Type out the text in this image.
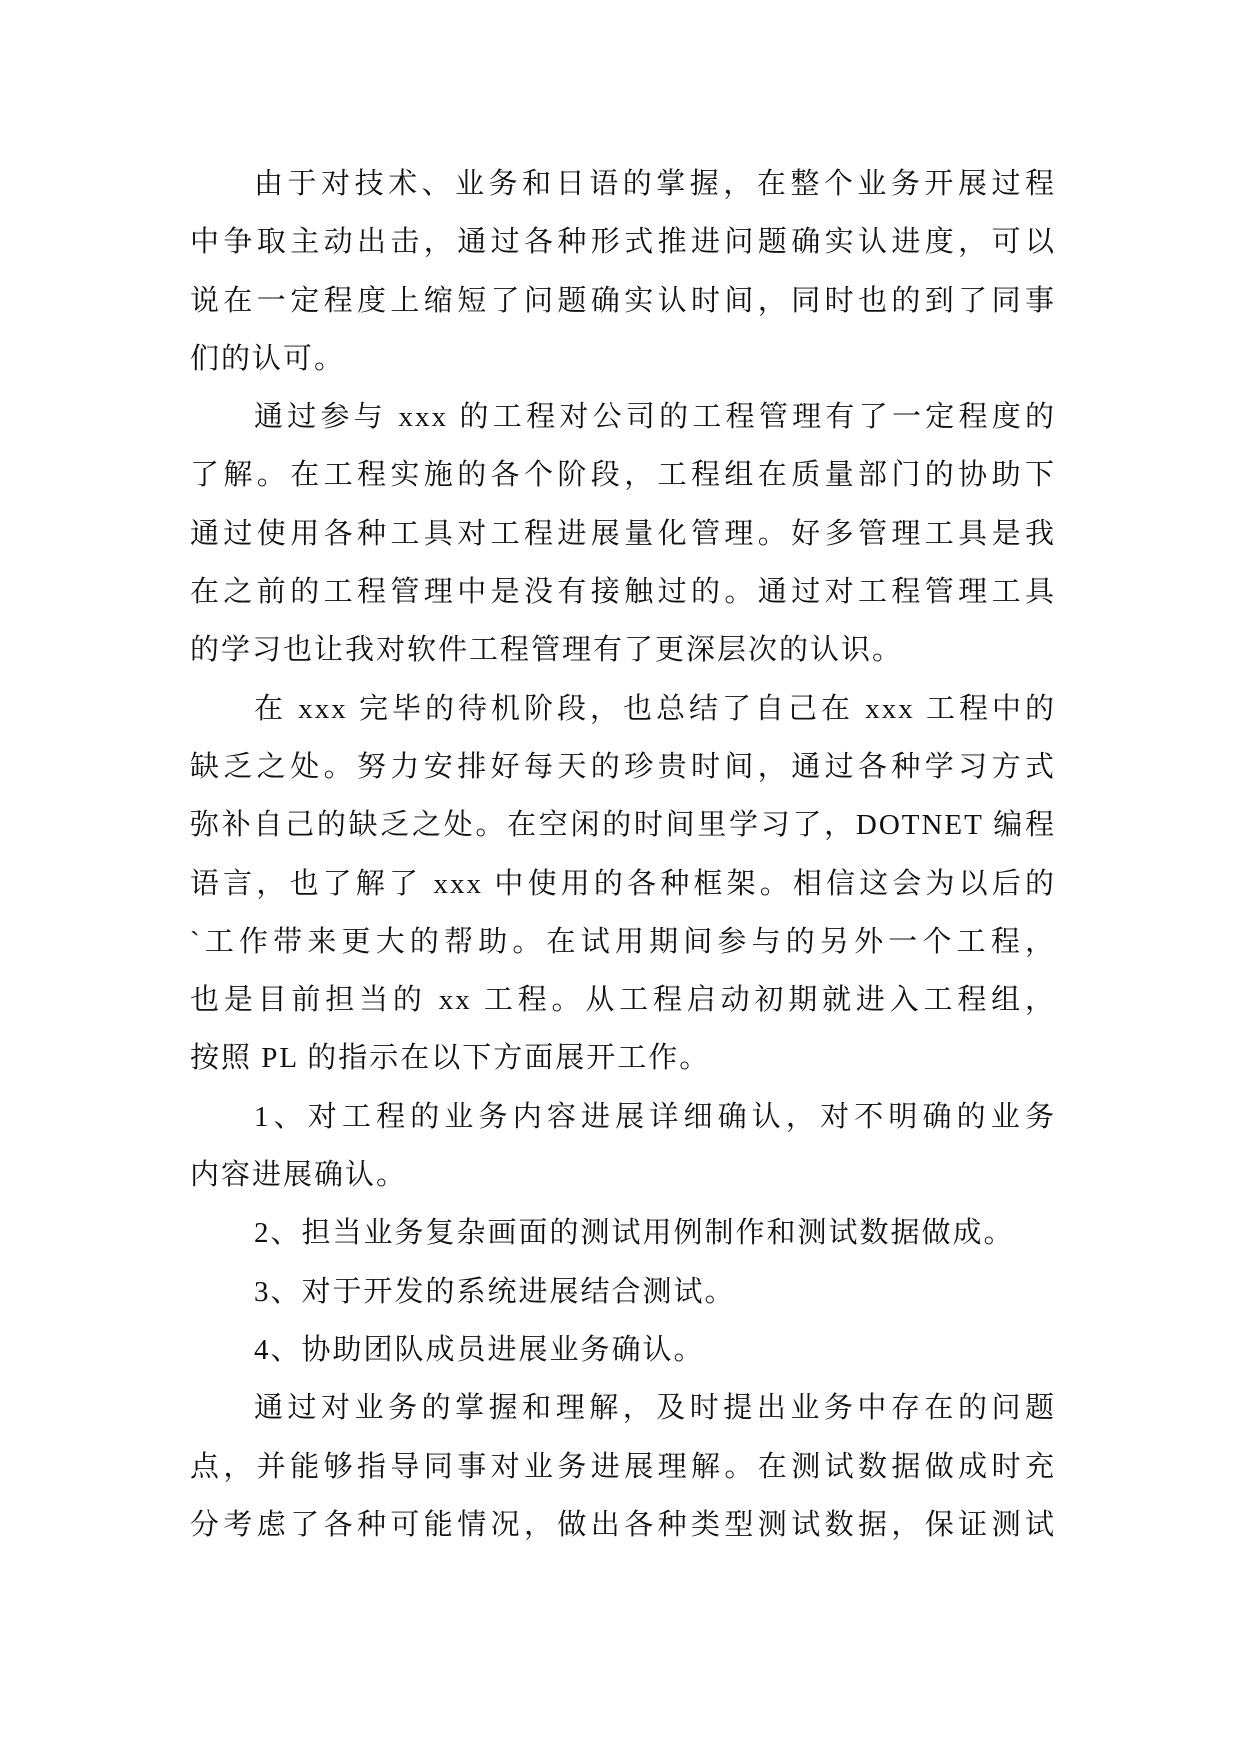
由于对技术、业务和日语的掌握，在整个业务开展过程
中争取主动出击，通过各种形式推进问题确实认进度，可以
说在一定程度上缩短了问题确实认时间，同时也的到了同事
们的认可。
通过参与 xxx 的工程对公司的工程管理有了一定程度的
了解。在工程实施的各个阶段，工程组在质量部门的协助下
通过使用各种工具对工程进展量化管理。好多管理工具是我
在之前的工程管理中是没有接触过的。通过对工程管理工具
的学习也让我对软件工程管理有了更深层次的认识。
在 xxx 完毕的待机阶段，也总结了自己在 xxx 工程中的
缺乏之处。努力安排好每天的珍贵时间，通过各种学习方式
弥补自己的缺乏之处。在空闲的时间里学习了，DOTNET 编程
语言，也了解了 xxx 中使用的各种框架。相信这会为以后的
`工作带来更大的帮助。在试用期间参与的另外一个工程，
也是目前担当的 xx 工程。从工程启动初期就进入工程组，
按照 PL 的指示在以下方面展开工作。
1、对工程的业务内容进展详细确认，对不明确的业务
内容进展确认。
2、担当业务复杂画面的测试用例制作和测试数据做成。
3、对于开发的系统进展结合测试。
4、协助团队成员进展业务确认。
通过对业务的掌握和理解，及时提出业务中存在的问题
点，并能够指导同事对业务进展理解。在测试数据做成时充
分考虑了各种可能情况，做出各种类型测试数据，保证测试
